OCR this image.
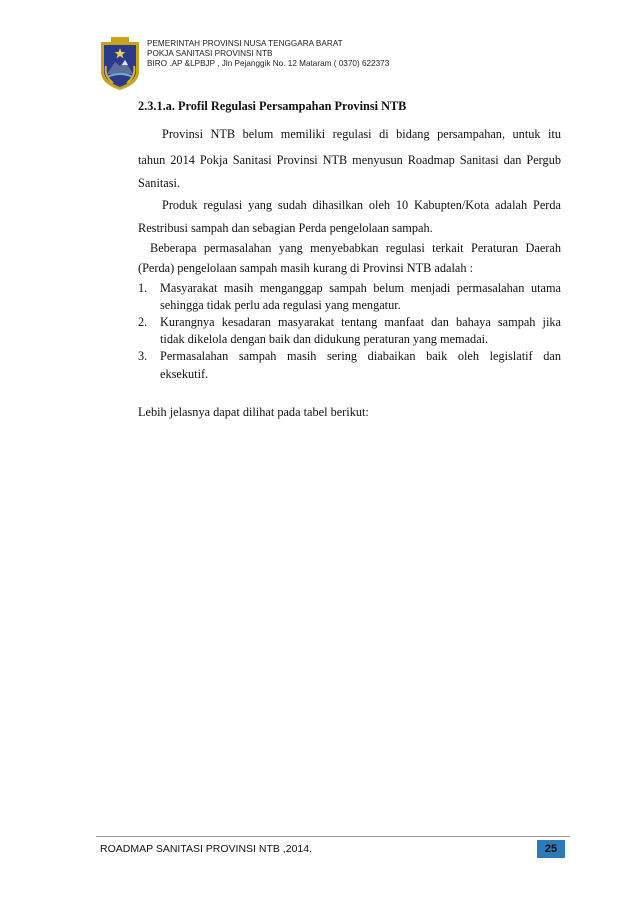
PEMERINTAH PROVINSI NUSA TENGGARA BARAT
POKJA SANITASI PROVINSI NTB
BIRO .AP &LPBJP , Jln Pejanggik No. 12 Mataram ( 0370) 622373
2.3.1.a. Profil Regulasi Persampahan Provinsi NTB
Provinsi NTB belum memiliki regulasi di bidang persampahan, untuk itu
tahun 2014 Pokja Sanitasi Provinsi NTB menyusun Roadmap Sanitasi dan Pergub
Sanitasi.
Produk regulasi yang sudah dihasilkan oleh 10 Kabupten/Kota adalah Perda
Restribusi sampah dan sebagian Perda pengelolaan sampah.
Beberapa permasalahan yang menyebabkan regulasi terkait Peraturan Daerah
(Perda) pengelolaan sampah masih kurang di Provinsi NTB adalah :
1. Masyarakat masih menganggap sampah belum menjadi permasalahan utama
sehingga tidak perlu ada regulasi yang mengatur.
2. Kurangnya kesadaran masyarakat tentang manfaat dan bahaya sampah jika
tidak dikelola dengan baik dan didukung peraturan yang memadai.
3. Permasalahan sampah masih sering diabaikan baik oleh legislatif dan
eksekutif.
Lebih jelasnya dapat dilihat pada tabel berikut:
ROADMAP SANITASI PROVINSI NTB ,2014.	25
